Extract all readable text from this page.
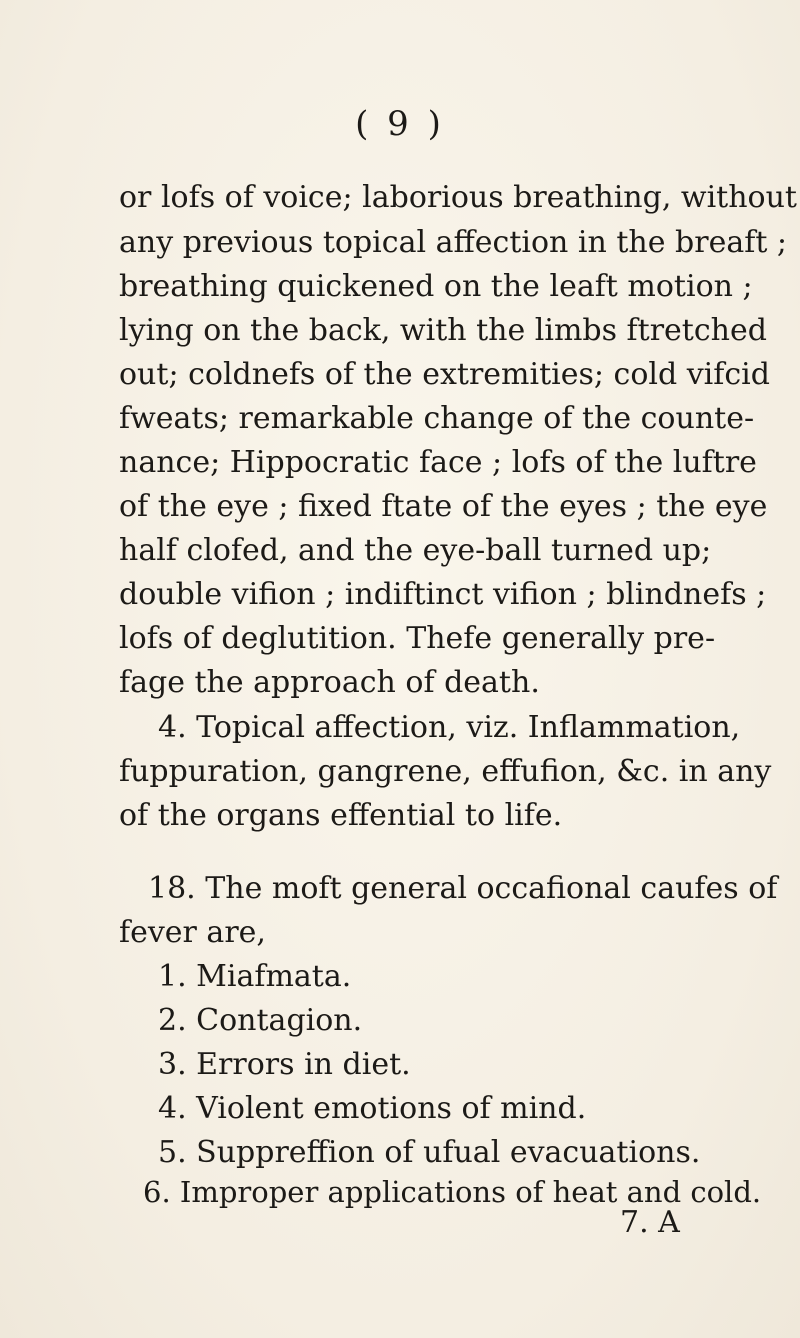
( 9 )
or lofs of voice; laborious breathing, without
any previous topical affection in the breaft ;
breathing quickened on the leaft motion ;
lying on the back, with the limbs ftretched
out; coldnefs of the extremities; cold vifcid
fweats; remarkable change of the counte-
nance; Hippocratic face ; lofs of the luftre
of the eye ; fixed ftate of the eyes ; the eye
half clofed, and the eye-ball turned up;
double vifion ; indiftinct vifion ; blindnefs ;
lofs of deglutition. Thefe generally pre-
fage the approach of death.
4. Topical affection, viz. Inflammation,
fuppuration, gangrene, effufion, &c. in any
of the organs effential to life.
18. The moft general occafional caufes of
fever are,
1. Miafmata.
2. Contagion.
3. Errors in diet.
4. Violent emotions of mind.
5. Suppreffion of ufual evacuations.
6. Improper applications of heat and cold.
7. A
